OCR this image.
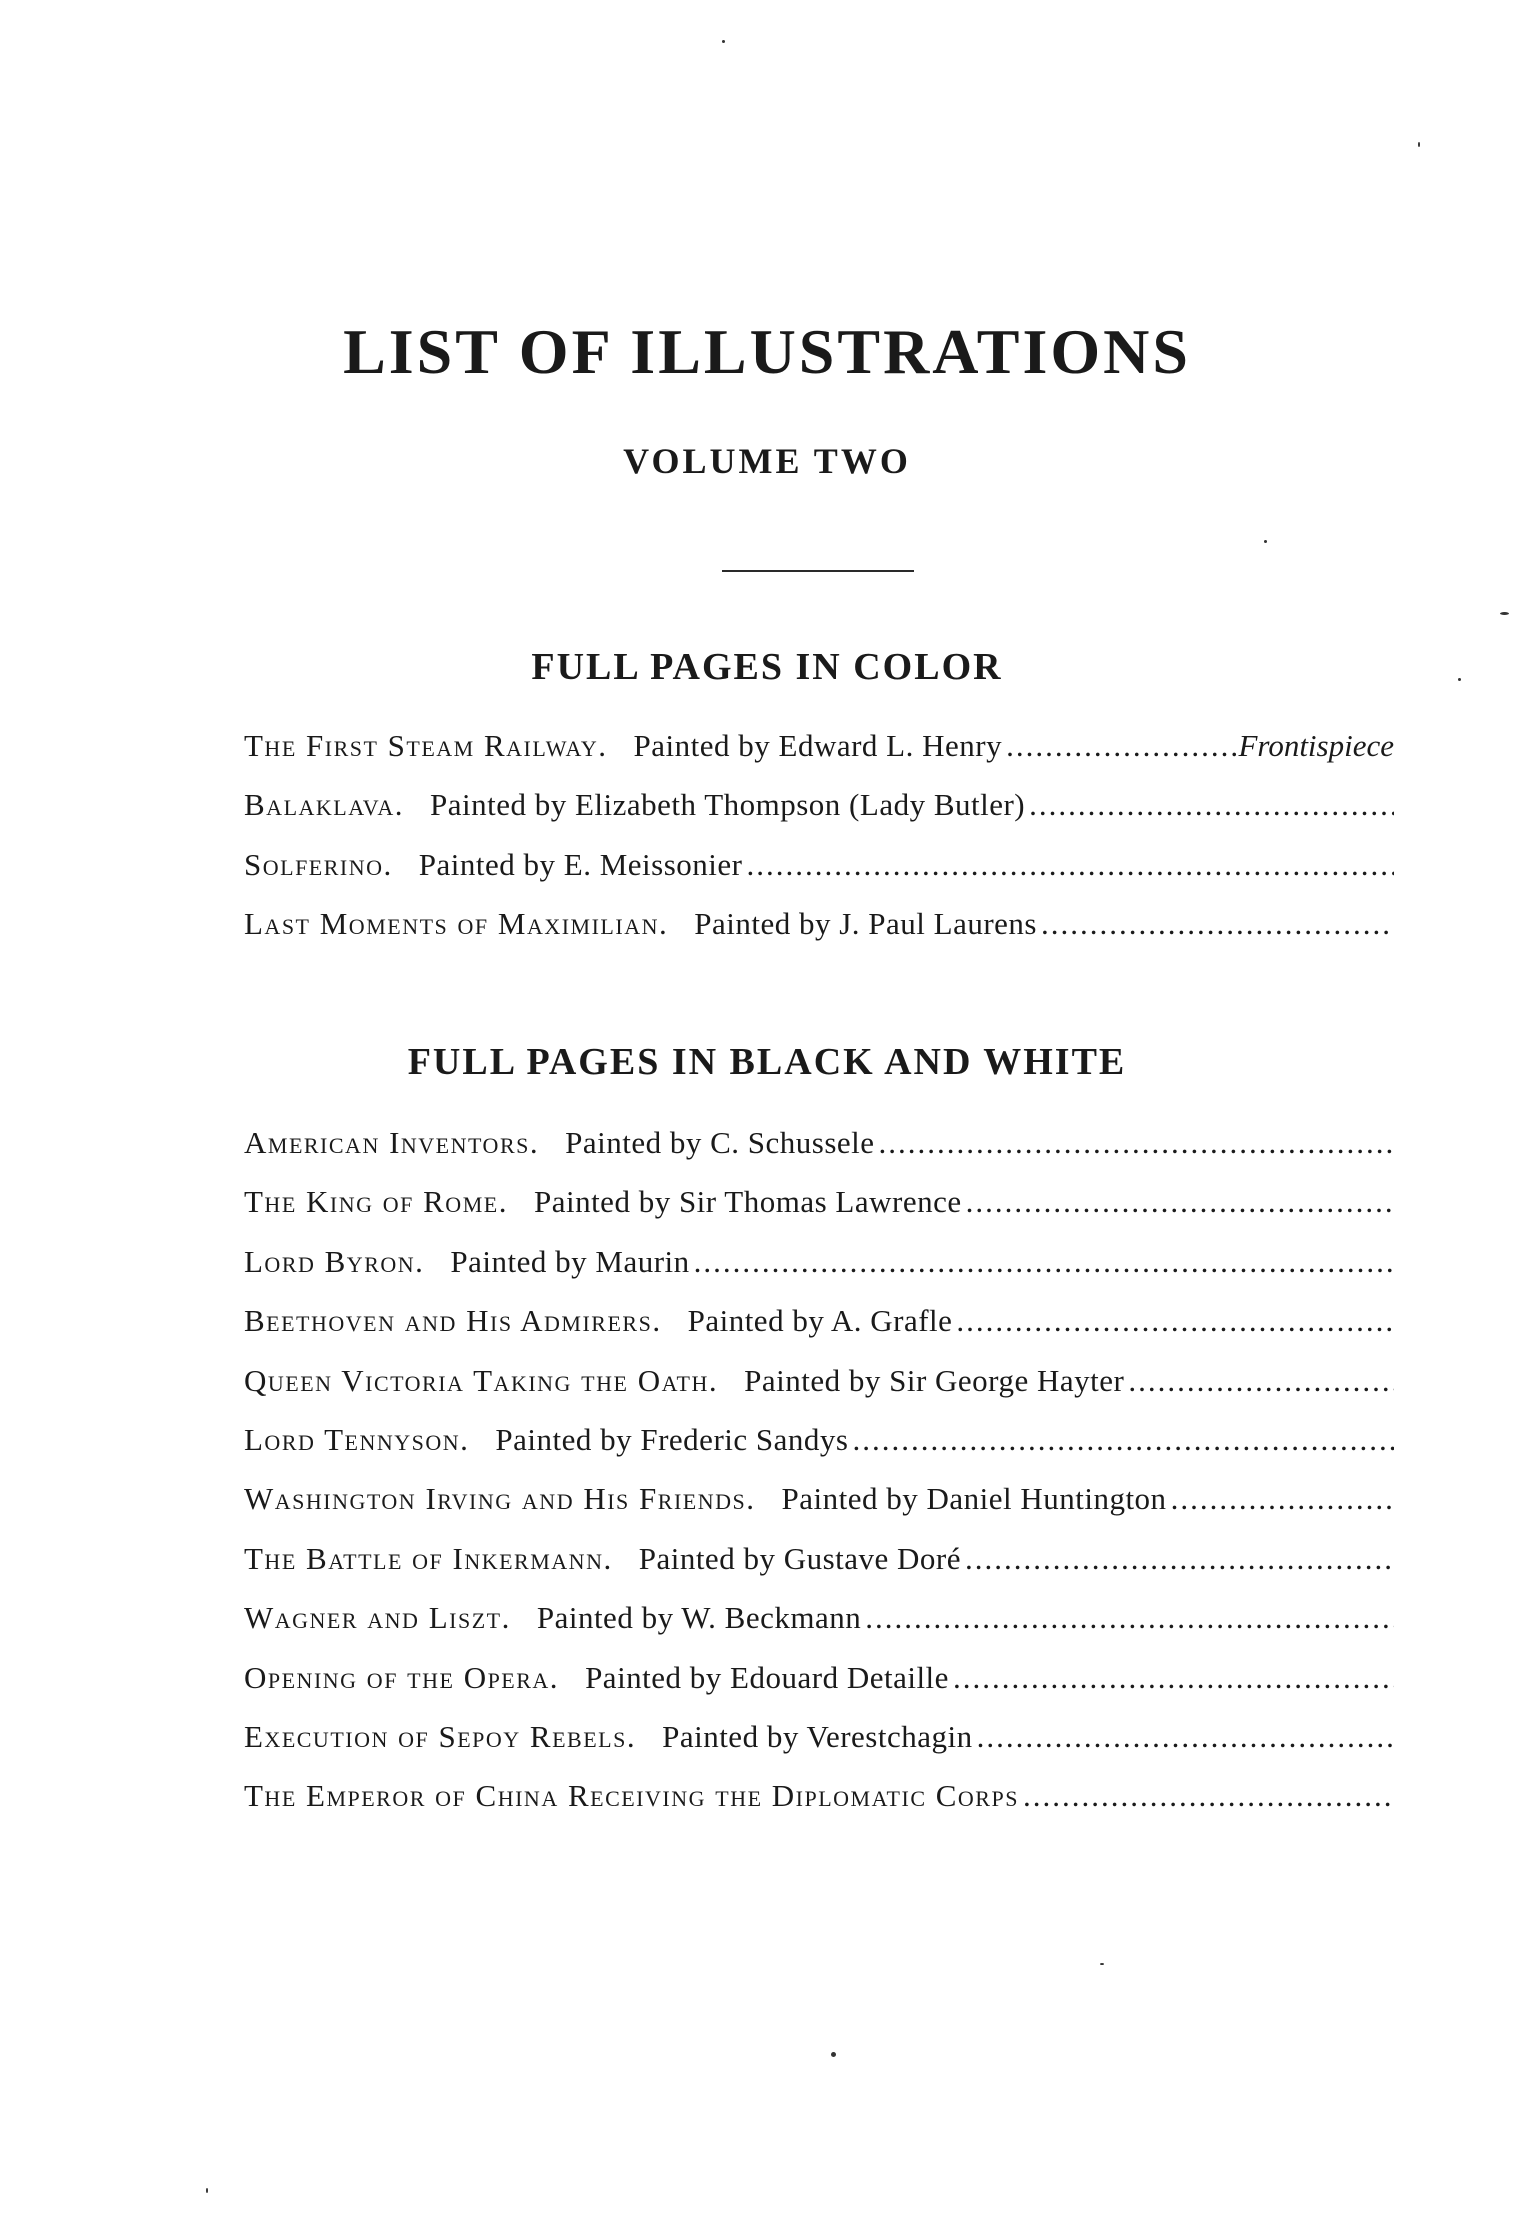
LIST OF ILLUSTRATIONS
VOLUME TWO
FULL PAGES IN COLOR
The First Steam Railway. Painted by Edward L. Henry
.....	Frontispiece
Balaklava. Painted by Elizabeth Thompson (Lady Butler)
.....
Solferino. Painted by E. Meissonier
.....
Last Moments of Maximilian. Painted by J. Paul Laurens
.....
FULL PAGES IN BLACK AND WHITE
American Inventors. Painted by C. Schussele
.....
The King of Rome. Painted by Sir Thomas Lawrence
.....
Lord Byron. Painted by Maurin
.....
Beethoven and His Admirers. Painted by A. Grafle
.....
Queen Victoria Taking the Oath. Painted by Sir George Hayter
.....
Lord Tennyson. Painted by Frederic Sandys
.....
Washington Irving and His Friends. Painted by Daniel Huntington
.....
The Battle of Inkermann. Painted by Gustave Doré
.....
Wagner and Liszt. Painted by W. Beckmann
.....
Opening of the Opera. Painted by Edouard Detaille
.....
Execution of Sepoy Rebels. Painted by Verestchagin
.....
The Emperor of China Receiving the Diplomatic Corps
.....
